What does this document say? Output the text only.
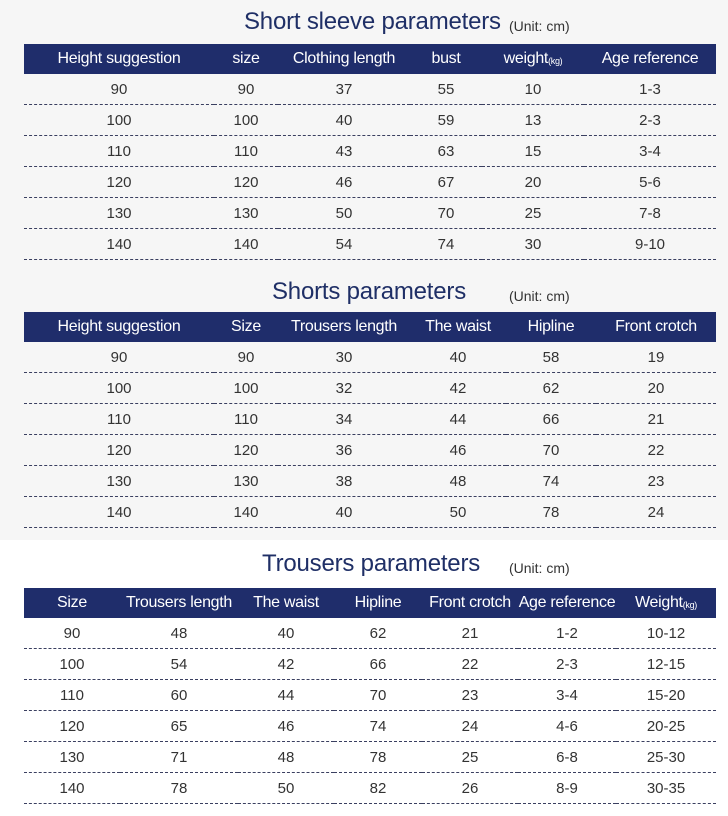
Short sleeve parameters (Unit: cm)
Height suggestion	size	Clothing length	bust	weight(kg)	Age reference
90	90	37	55	10	1-3
100	100	40	59	13	2-3
110	110	43	63	15	3-4
120	120	46	67	20	5-6
130	130	50	70	25	7-8
140	140	54	74	30	9-10
Shorts parameters	(Unit: cm)
Height suggestion	Size	Trousers length	The waist	Hipline	Front crotch
90	90	30	40	58	19
100	100	32	42	62	20
110	110	34	44	66	21
120	120	36	46	70	22
130	130	38	48	74	23
140	140	40	50	78	24
Trousers parameters (Unit: cm)
Size	Trousers length	The waist	Hipline	Front crotch	Age reference	Weight(kg)
90	48	40	62	21	1-2	10-12
100	54	42	66	22	2-3	12-15
110	60	44	70	23	3-4	15-20
120	65	46	74	24	4-6	20-25
130	71	48	78	25	6-8	25-30
140	78	50	82	26	8-9	30-35
